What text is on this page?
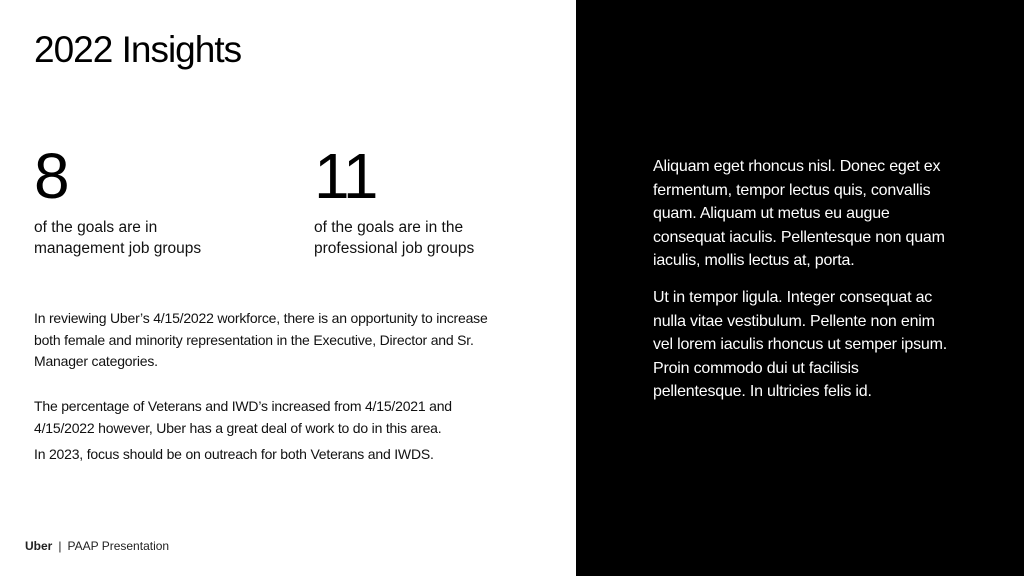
2022 Insights
8
of the goals are in management job groups
11
of the goals are in the professional job groups

In reviewing Uber’s 4/15/2022 workforce, there is an opportunity to increase both female and minority representation in the Executive, Director and Sr. Manager categories.

The percentage of Veterans and IWD’s increased from 4/15/2021 and 4/15/2022 however, Uber has a great deal of work to do in this area.

In 2023, focus should be on outreach for both Veterans and IWDS.

Uber | PAAP Presentation

Aliquam eget rhoncus nisl. Donec eget ex fermentum, tempor lectus quis, convallis quam. Aliquam ut metus eu augue consequat iaculis. Pellentesque non quam iaculis, mollis lectus at, porta.

Ut in tempor ligula. Integer consequat ac nulla vitae vestibulum. Pellente non enim vel lorem iaculis rhoncus ut semper ipsum. Proin commodo dui ut facilisis pellentesque. In ultricies felis id.
